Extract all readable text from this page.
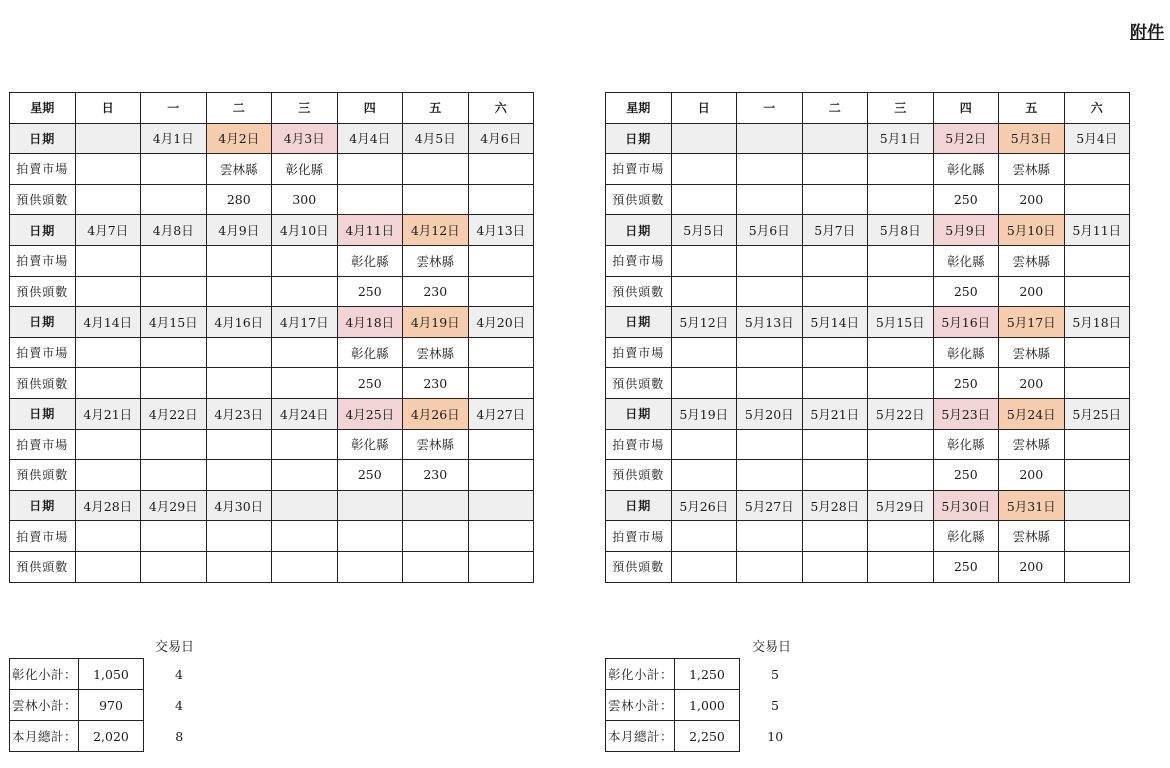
附件
星期	日	一	二	三	四	五	六
日期		4月1日	4月2日	4月3日	4月4日	4月5日	4月6日
拍賣市場			雲林縣	彰化縣			
預供頭數			280	300			
日期	4月7日	4月8日	4月9日	4月10日	4月11日	4月12日	4月13日
拍賣市場					彰化縣	雲林縣	
預供頭數					250	230	
日期	4月14日	4月15日	4月16日	4月17日	4月18日	4月19日	4月20日
拍賣市場					彰化縣	雲林縣	
預供頭數					250	230	
日期	4月21日	4月22日	4月23日	4月24日	4月25日	4月26日	4月27日
拍賣市場					彰化縣	雲林縣	
預供頭數					250	230	
日期	4月28日	4月29日	4月30日				
拍賣市場							
預供頭數							
星期	日	一	二	三	四	五	六
日期				5月1日	5月2日	5月3日	5月4日
拍賣市場					彰化縣	雲林縣	
預供頭數					250	200	
日期	5月5日	5月6日	5月7日	5月8日	5月9日	5月10日	5月11日
拍賣市場					彰化縣	雲林縣	
預供頭數					250	200	
日期	5月12日	5月13日	5月14日	5月15日	5月16日	5月17日	5月18日
拍賣市場					彰化縣	雲林縣	
預供頭數					250	200	
日期	5月19日	5月20日	5月21日	5月22日	5月23日	5月24日	5月25日
拍賣市場					彰化縣	雲林縣	
預供頭數					250	200	
日期	5月26日	5月27日	5月28日	5月29日	5月30日	5月31日	
拍賣市場					彰化縣	雲林縣	
預供頭數					250	200	
交易日	交易日
彰化小計：	1,050	4
雲林小計：	970	4
本月總計：	2,020	8
彰化小計：	1,250	5
雲林小計：	1,000	5
本月總計：	2,250	10
